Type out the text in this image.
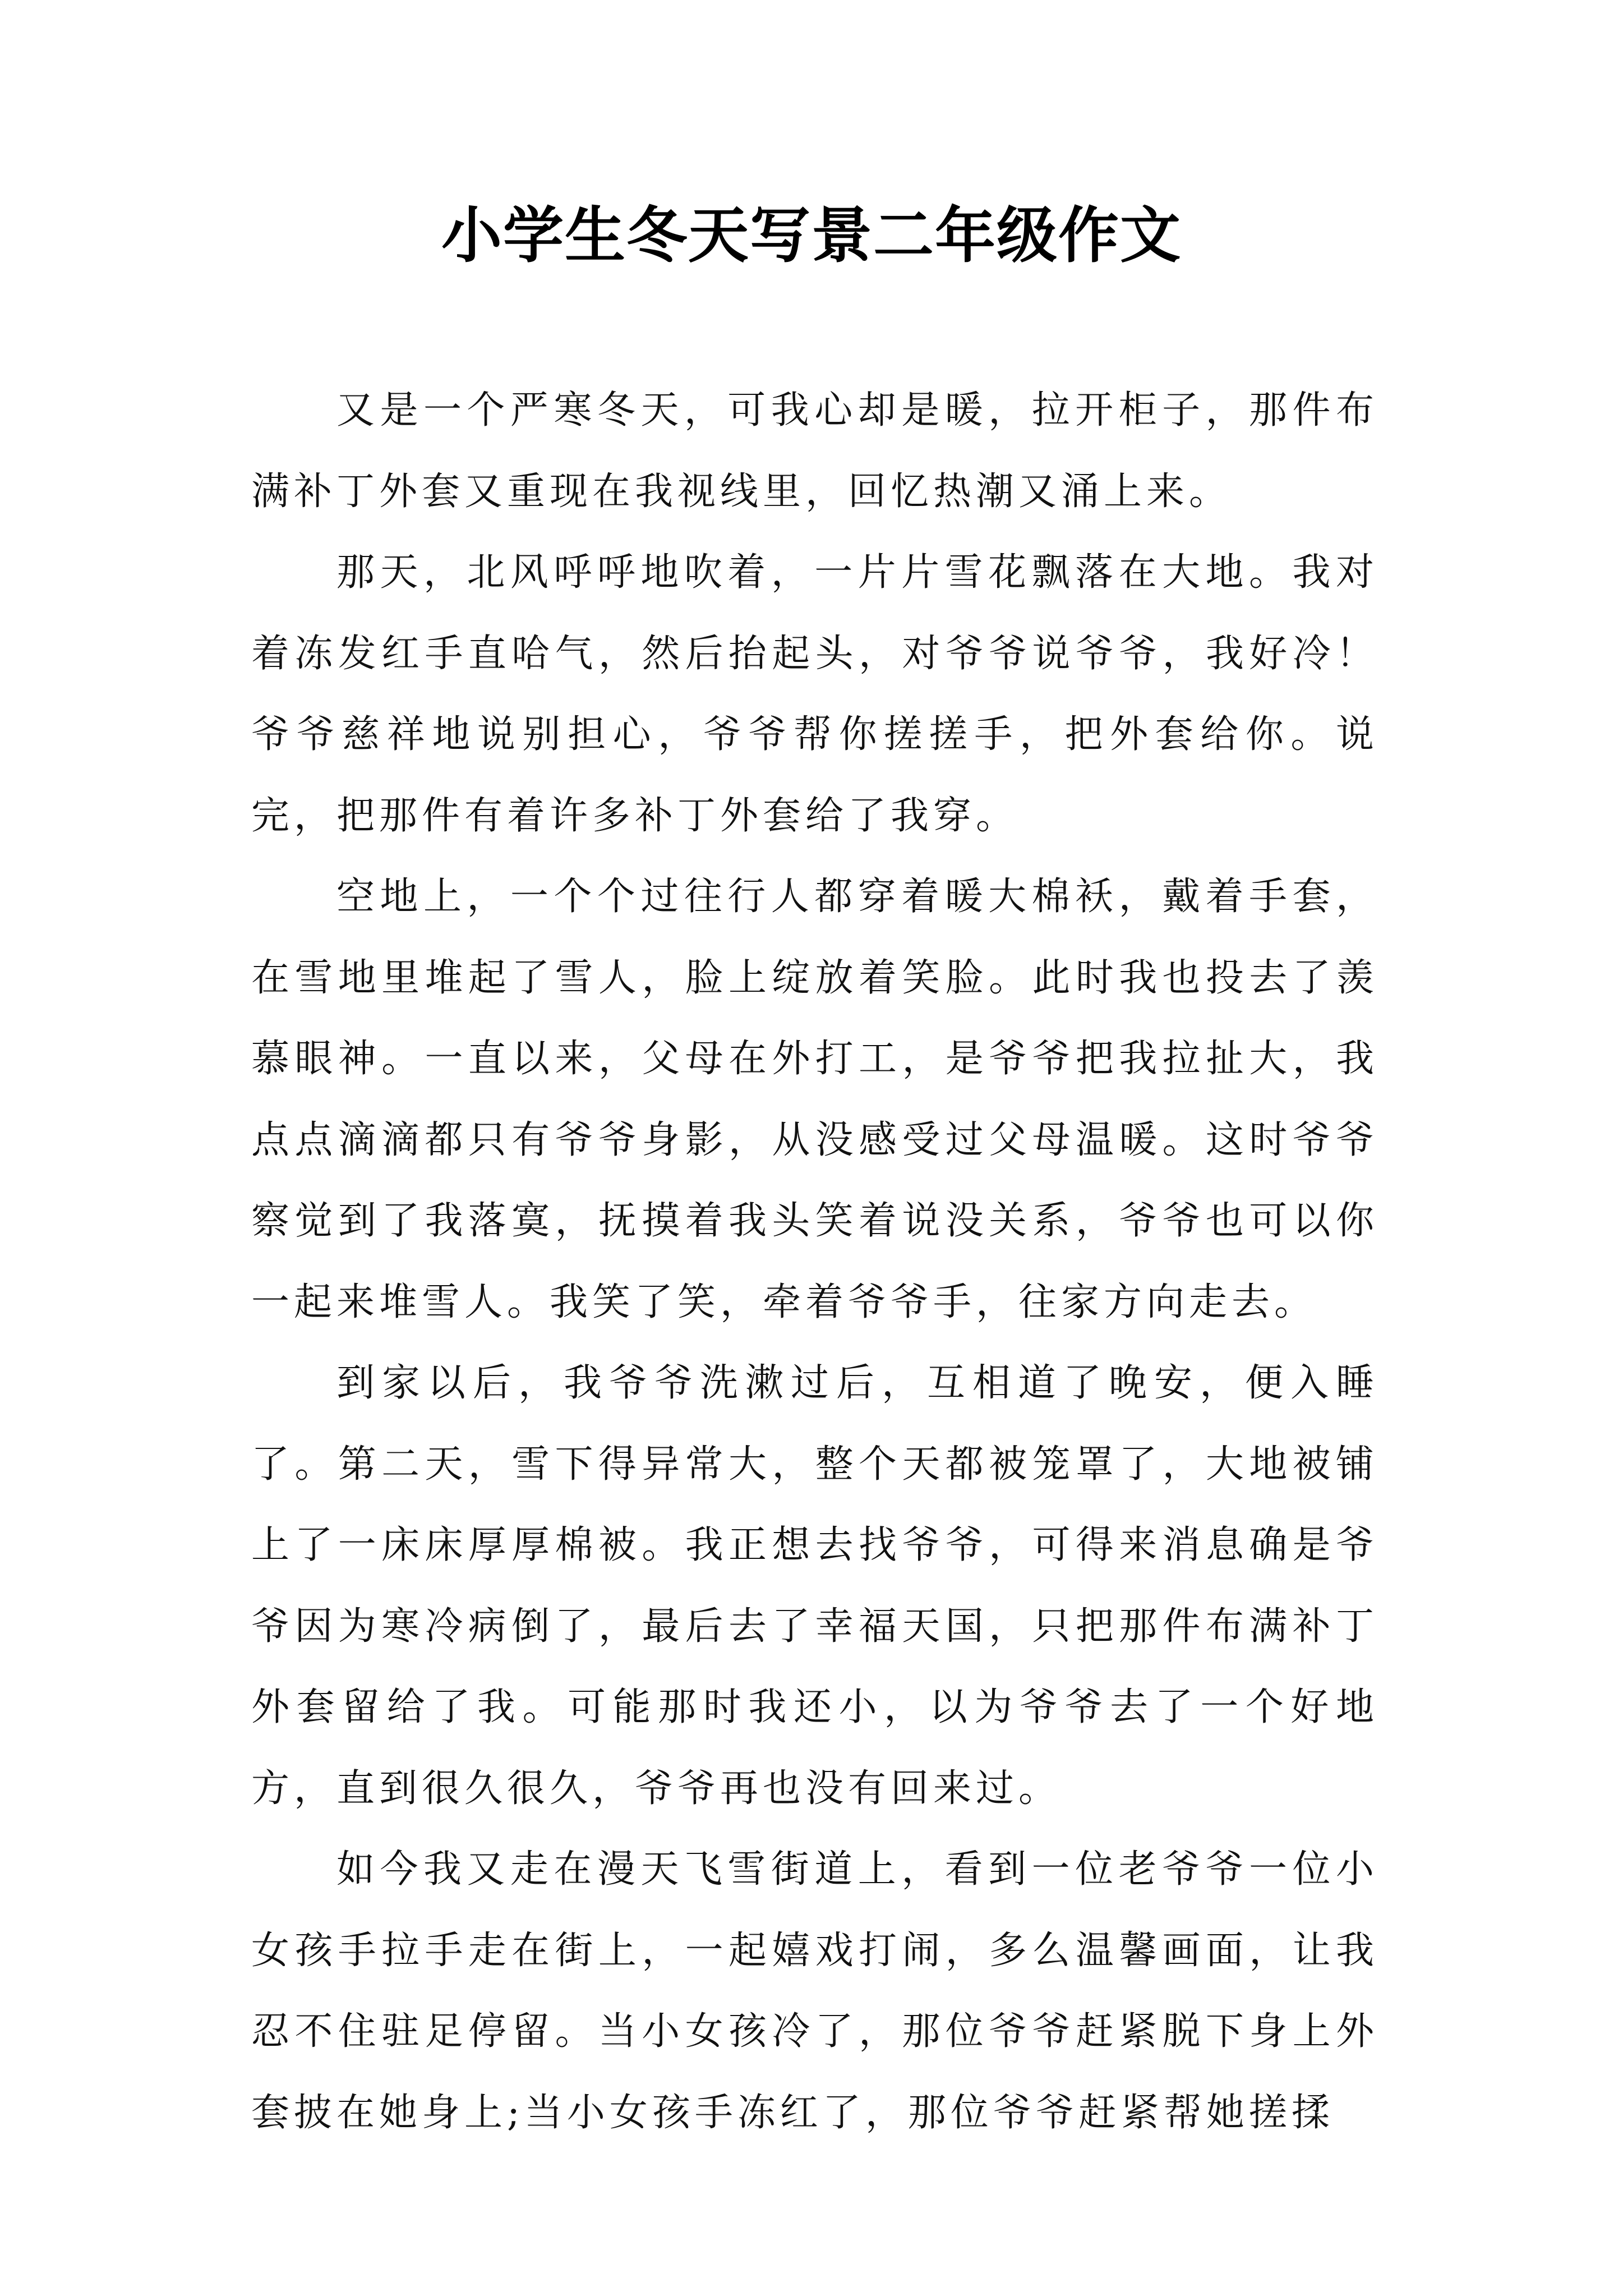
小学生冬天写景二年级作文

又是一个严寒冬天，可我心却是暖，拉开柜子，那件布满补丁外套又重现在我视线里，回忆热潮又涌上来。

那天，北风呼呼地吹着，一片片雪花飘落在大地。我对着冻发红手直哈气，然后抬起头，对爷爷说爷爷，我好冷！爷爷慈祥地说别担心，爷爷帮你搓搓手，把外套给你。说完，把那件有着许多补丁外套给了我穿。

空地上，一个个过往行人都穿着暖大棉袄，戴着手套，在雪地里堆起了雪人，脸上绽放着笑脸。此时我也投去了羡慕眼神。一直以来，父母在外打工，是爷爷把我拉扯大，我点点滴滴都只有爷爷身影，从没感受过父母温暖。这时爷爷察觉到了我落寞，抚摸着我头笑着说没关系，爷爷也可以你一起来堆雪人。我笑了笑，牵着爷爷手，往家方向走去。

到家以后，我爷爷洗漱过后，互相道了晚安，便入睡了。第二天，雪下得异常大，整个天都被笼罩了，大地被铺上了一床床厚厚棉被。我正想去找爷爷，可得来消息确是爷爷因为寒冷病倒了，最后去了幸福天国，只把那件布满补丁外套留给了我。可能那时我还小，以为爷爷去了一个好地方，直到很久很久，爷爷再也没有回来过。

如今我又走在漫天飞雪街道上，看到一位老爷爷一位小女孩手拉手走在街上，一起嬉戏打闹，多么温馨画面，让我忍不住驻足停留。当小女孩冷了，那位爷爷赶紧脱下身上外套披在她身上;当小女孩手冻红了，那位爷爷赶紧帮她搓揉
